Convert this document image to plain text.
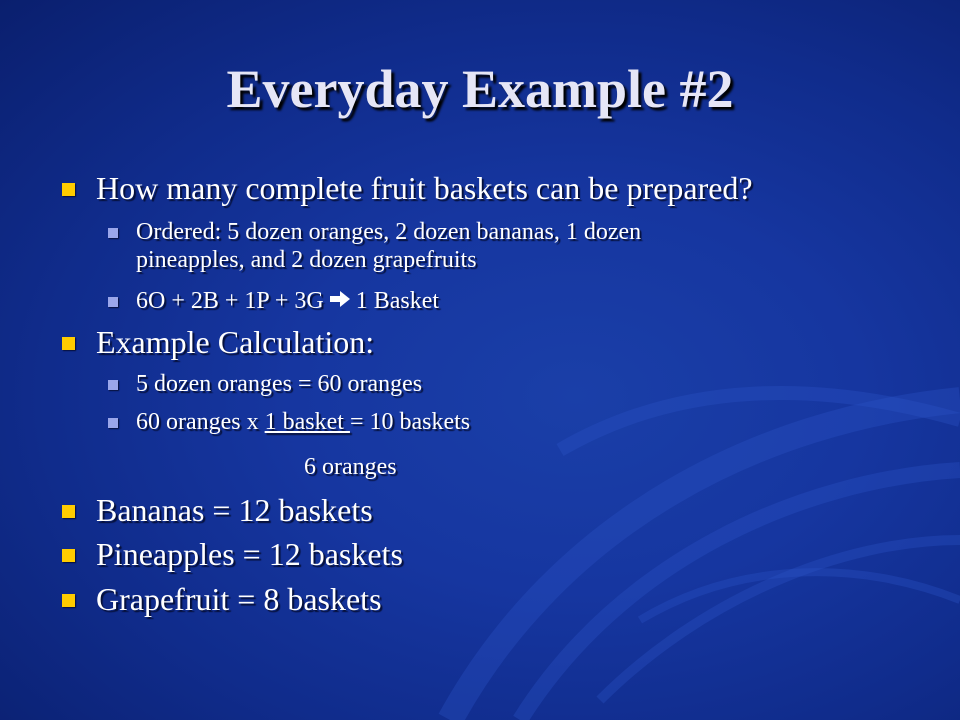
Everyday Example #2
How many complete fruit baskets can be prepared?
Ordered: 5 dozen oranges, 2 dozen bananas, 1 dozen
pineapples, and 2 dozen grapefruits
6O + 2B + 1P + 3G 1 Basket
Example Calculation:
5 dozen oranges = 60 oranges
60 oranges x 1 basket = 10 baskets
6 oranges
Bananas = 12 baskets
Pineapples = 12 baskets
Grapefruit = 8 baskets
